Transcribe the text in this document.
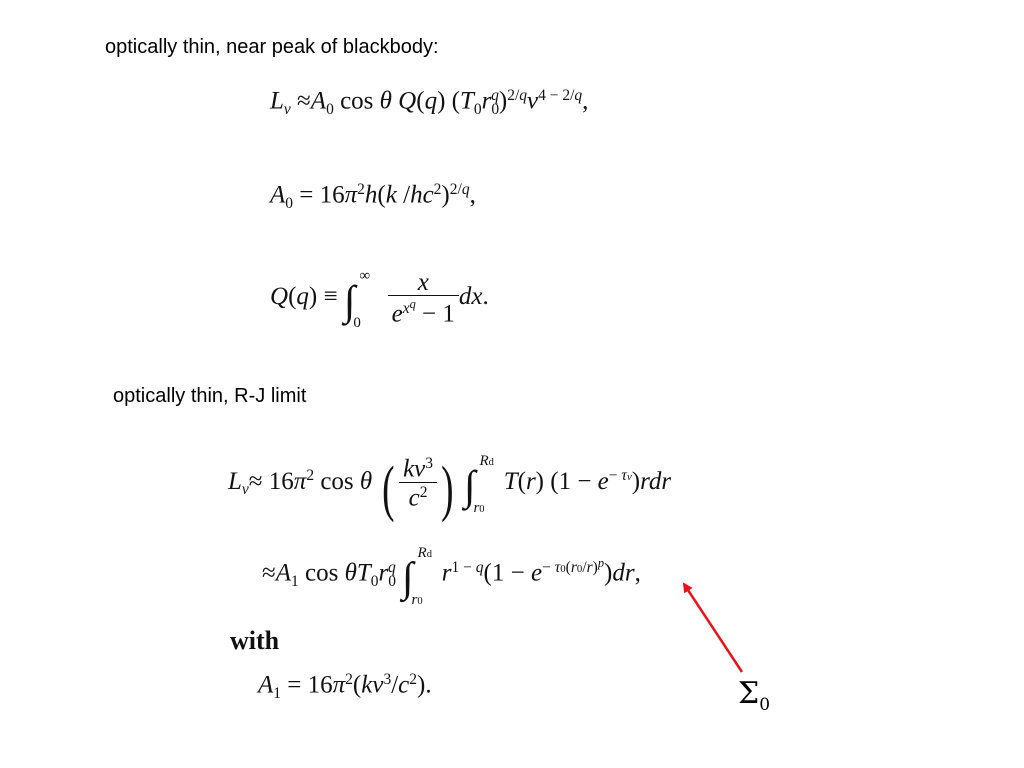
optically thin, near peak of blackbody:
$L_\nu \approx A_0$ cos θ Q(q) $(T_0r_0^q)^{2/q}\nu^{4 - 2/q}$,
$A_0 = 16\pi^2h(k$ $/hc^2)^{2/q}$,
Q(q) ≡ ∫
∞
0
$\frac{x}{e^{x^q} - 1}$ dx.
optically thin, R-J limit
$L_\nu\approx 16\pi^2$ cos θ ( $\frac{k\nu^3}{c^2}$ ) ∫
Rd
r0
T(r) $(1 - e^{- \tau\nu})rdr$
$\approx A_1$ $\cos \theta T_0r_0^q$ ∫
Rd
r0
$r^{1 - q}(1 - e^{- \tau 0(r0/r)^p})dr$,
with
$A_1 = 16\pi^2(k\nu^3/c^2)$.	$\Sigma_0$
